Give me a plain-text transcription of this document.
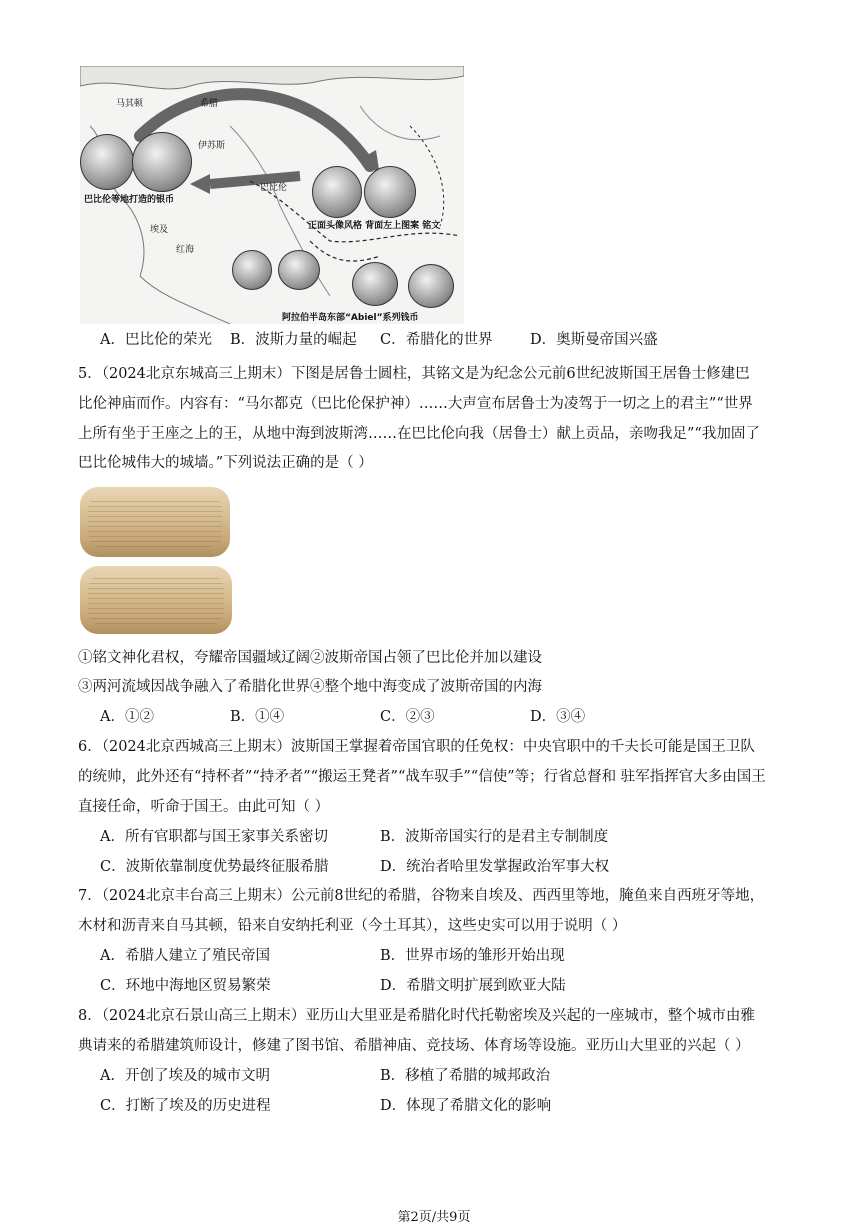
马其顿	希腊
伊苏斯
巴比伦
埃及
红海
巴比伦等地打造的银币
正面头像风格 背面左上图案 铭文
阿拉伯半岛东部“Abiel”系列钱币
A．巴比伦的荣光 B．波斯力量的崛起 C．希腊化的世界	D．奥斯曼帝国兴盛
5．（2024北京东城高三上期末）下图是居鲁士圆柱，其铭文是为纪念公元前6世纪波斯国王居鲁士修建巴
比伦神庙而作。内容有：“马尔都克（巴比伦保护神）……大声宣布居鲁士为凌驾于一切之上的君主”“世界
上所有坐于王座之上的王，从地中海到波斯湾……在巴比伦向我（居鲁士）献上贡品，亲吻我足”“我加固了
巴比伦城伟大的城墙。”下列说法正确的是（ ）
①铭文神化君权，夸耀帝国疆域辽阔②波斯帝国占领了巴比伦并加以建设
③两河流域因战争融入了希腊化世界④整个地中海变成了波斯帝国的内海
A．①②	B．①④	C．②③	D．③④
6．（2024北京西城高三上期末）波斯国王掌握着帝国官职的任免权：中央官职中的千夫长可能是国王卫队
的统帅，此外还有“持杯者”“持矛者”“搬运王凳者”“战车驭手”“信使”等；行省总督和 驻军指挥官大多由国王
直接任命，听命于国王。由此可知（ ）
A．所有官职都与国王家事关系密切	B．波斯帝国实行的是君主专制制度
C．波斯依靠制度优势最终征服希腊	D．统治者哈里发掌握政治军事大权
7．（2024北京丰台高三上期末）公元前8世纪的希腊，谷物来自埃及、西西里等地，腌鱼来自西班牙等地，
木材和沥青来自马其顿，铅来自安纳托利亚（今土耳其），这些史实可以用于说明（ ）
A．希腊人建立了殖民帝国	B．世界市场的雏形开始出现
C．环地中海地区贸易繁荣	D．希腊文明扩展到欧亚大陆
8．（2024北京石景山高三上期末）亚历山大里亚是希腊化时代托勒密埃及兴起的一座城市，整个城市由雅
典请来的希腊建筑师设计，修建了图书馆、希腊神庙、竞技场、体育场等设施。亚历山大里亚的兴起（ ）
A．开创了埃及的城市文明	B．移植了希腊的城邦政治
C．打断了埃及的历史进程	D．体现了希腊文化的影响
第2页/共9页
